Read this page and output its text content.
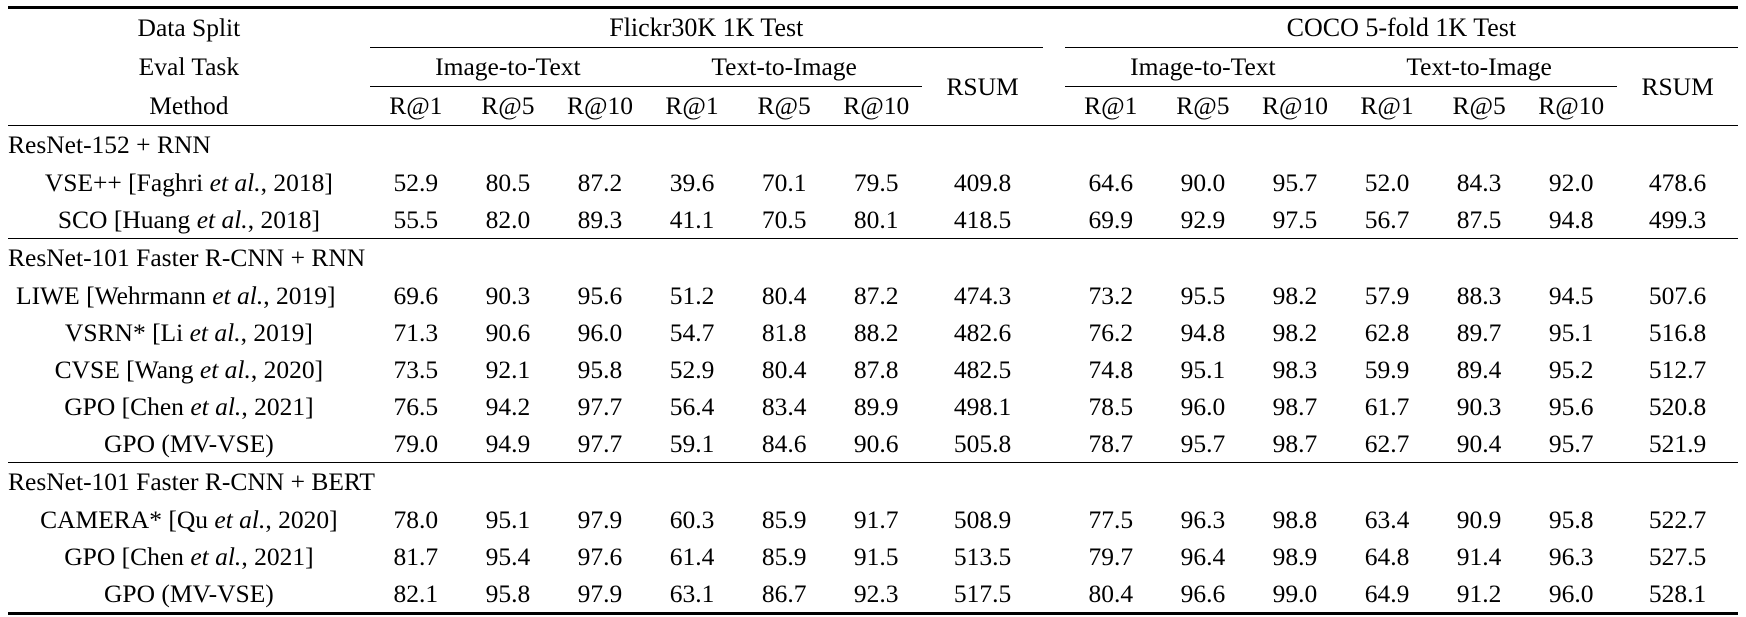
Data Split	Flickr30K 1K Test								COCO 5-fold 1K Test						
Eval Task	Image-to-Text			Text-to-Image			RSUM		Image-to-Text			Text-to-Image			RSUM
Method	R@1	R@5	R@10	R@1	R@5	R@10			R@1	R@5	R@10	R@1	R@5	R@10	

ResNet-152 + RNN															
VSE++ [Faghri et al., 2018]	52.9	80.5	87.2	39.6	70.1	79.5	409.8		64.6	90.0	95.7	52.0	84.3	92.0	478.6
SCO [Huang et al., 2018]	55.5	82.0	89.3	41.1	70.5	80.1	418.5		69.9	92.9	97.5	56.7	87.5	94.8	499.3

ResNet-101 Faster R-CNN + RNN															
LIWE [Wehrmann et al., 2019]	69.6	90.3	95.6	51.2	80.4	87.2	474.3		73.2	95.5	98.2	57.9	88.3	94.5	507.6
VSRN* [Li et al., 2019]	71.3	90.6	96.0	54.7	81.8	88.2	482.6		76.2	94.8	98.2	62.8	89.7	95.1	516.8
CVSE [Wang et al., 2020]	73.5	92.1	95.8	52.9	80.4	87.8	482.5		74.8	95.1	98.3	59.9	89.4	95.2	512.7
GPO [Chen et al., 2021]	76.5	94.2	97.7	56.4	83.4	89.9	498.1		78.5	96.0	98.7	61.7	90.3	95.6	520.8
GPO (MV-VSE)	79.0	94.9	97.7	59.1	84.6	90.6	505.8		78.7	95.7	98.7	62.7	90.4	95.7	521.9

ResNet-101 Faster R-CNN + BERT															
CAMERA* [Qu et al., 2020]	78.0	95.1	97.9	60.3	85.9	91.7	508.9		77.5	96.3	98.8	63.4	90.9	95.8	522.7
GPO [Chen et al., 2021]	81.7	95.4	97.6	61.4	85.9	91.5	513.5		79.7	96.4	98.9	64.8	91.4	96.3	527.5
GPO (MV-VSE)	82.1	95.8	97.9	63.1	86.7	92.3	517.5		80.4	96.6	99.0	64.9	91.2	96.0	528.1
